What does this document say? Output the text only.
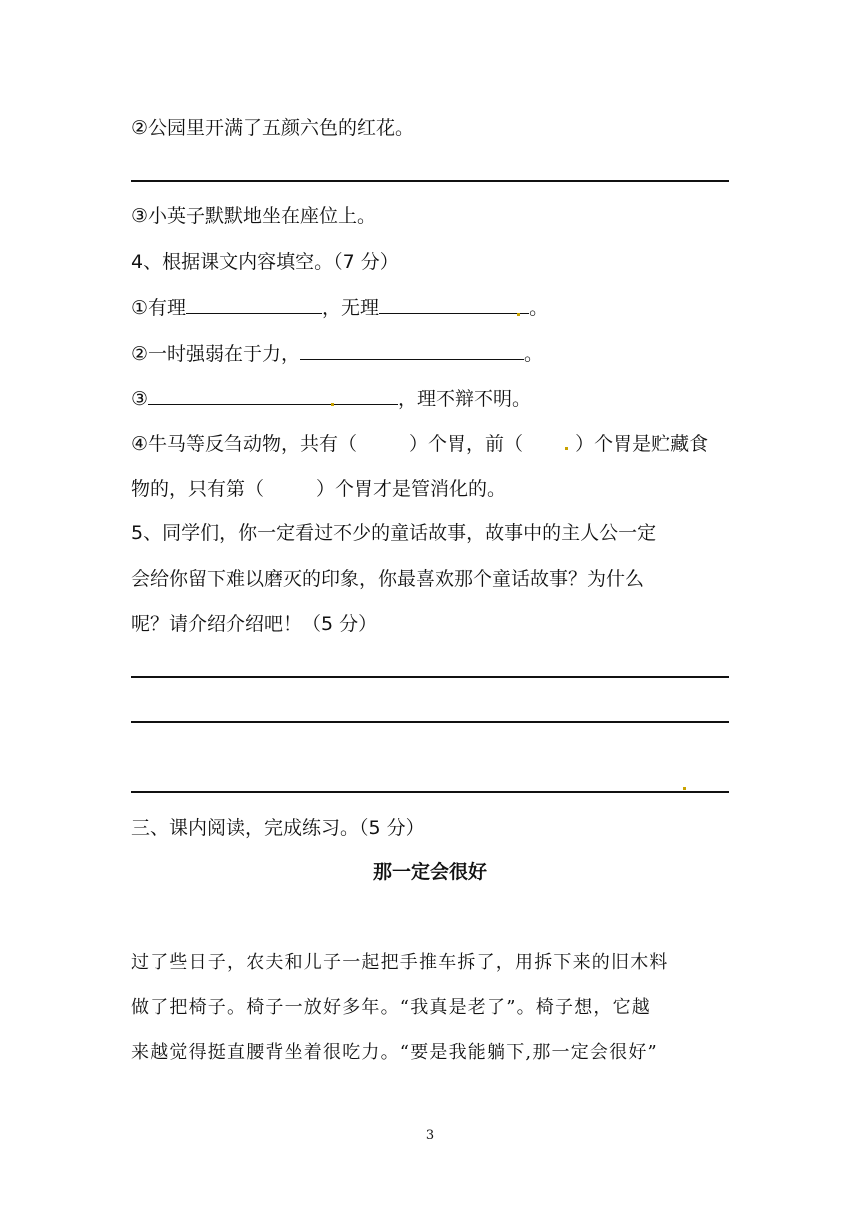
②公园里开满了五颜六色的红花。
③小英子默默地坐在座位上。
4、根据课文内容填空。（7 分）
①有理	，无理	。
②一时强弱在于力，	。
③	，理不辩不明。
④牛马等反刍动物，共有（	）个胃，前（	）个胃是贮藏食
物的，只有第（	）个胃才是管消化的。
5、同学们，你一定看过不少的童话故事，故事中的主人公一定
会给你留下难以磨灭的印象，你最喜欢那个童话故事？为什么
呢？请介绍介绍吧！（5 分）
三、课内阅读，完成练习。（5 分）
那一定会很好
过了些日子，农夫和儿子一起把手推车拆了，用拆下来的旧木料
做了把椅子。椅子一放好多年。“我真是老了”。椅子想，它越
来越觉得挺直腰背坐着很吃力。“要是我能躺下,那一定会很好”
3
